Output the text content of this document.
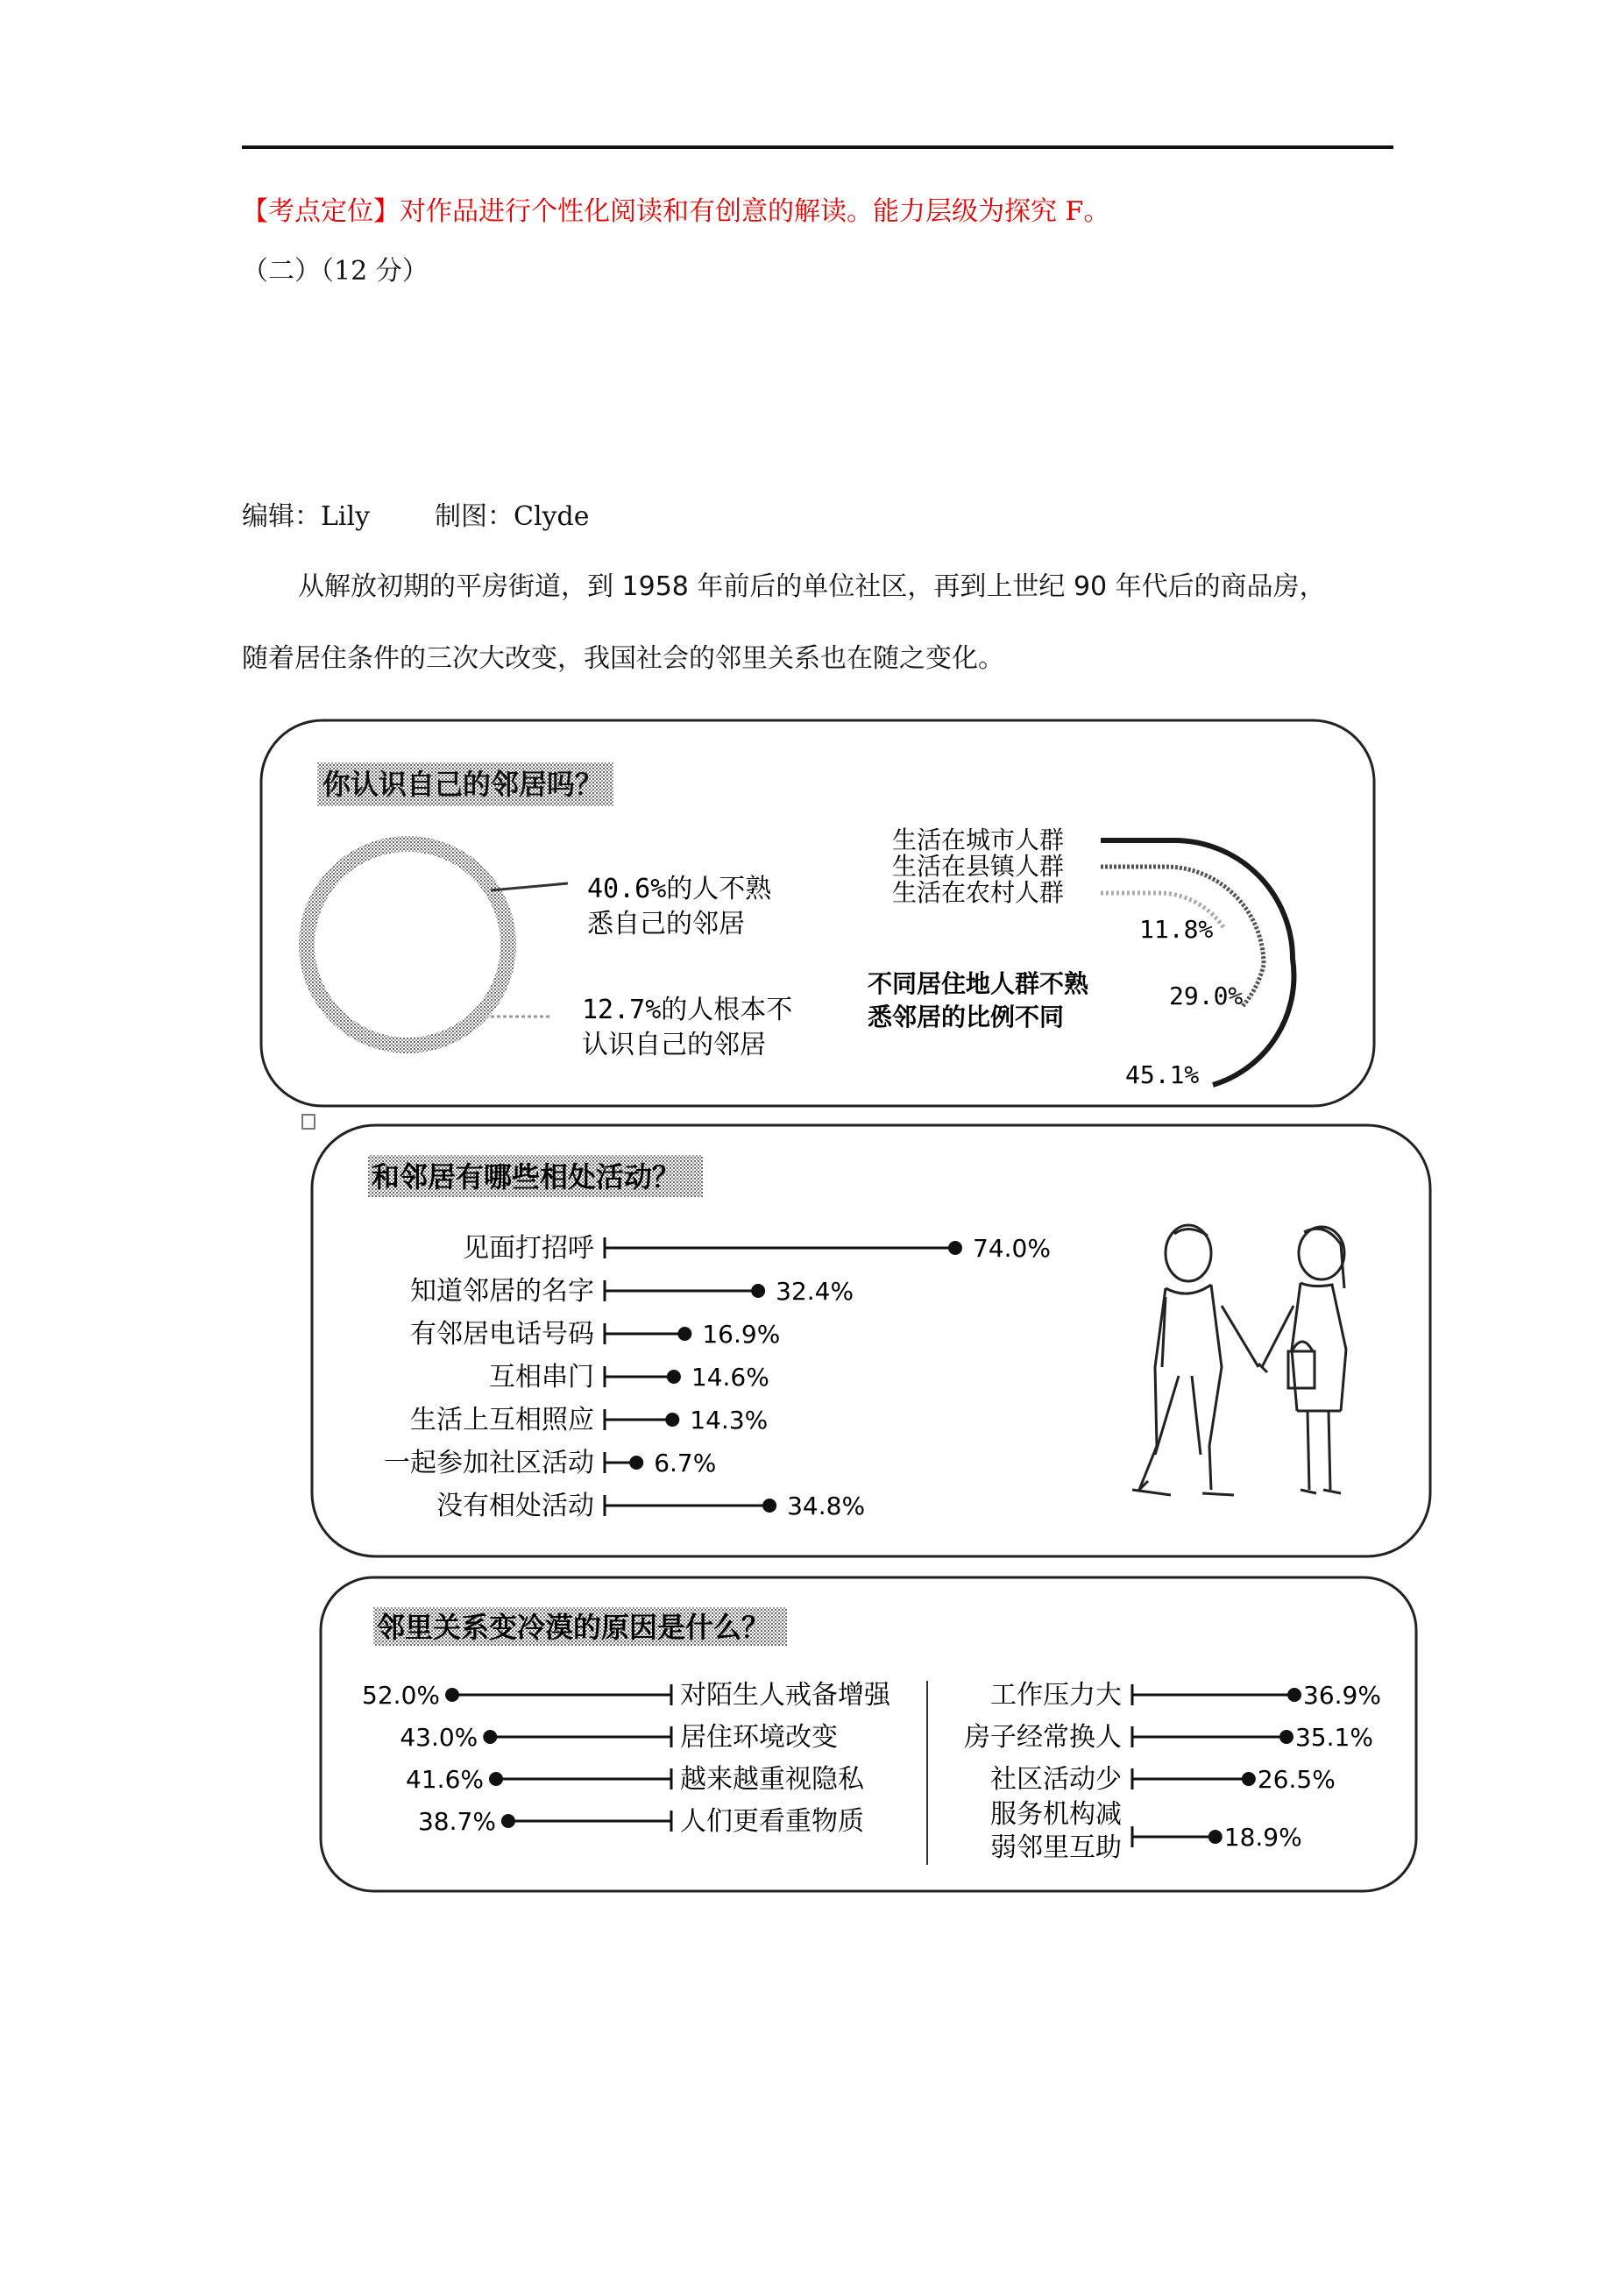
【考点定位】对作品进行个性化阅读和有创意的解读。能力层级为探究 F。
（二）（12 分）
编辑：Lily 制图：Clyde
从解放初期的平房街道，到 1958 年前后的单位社区，再到上世纪 90 年代后的商品房，
随着居住条件的三次大改变，我国社会的邻里关系也在随之变化。
你认识自己的邻居吗？
40.6%的人不熟
悉自己的邻居
12.7%的人根本不
认识自己的邻居
生活在城市人群
生活在县镇人群
生活在农村人群
11.8%
29.0%
45.1%
不同居住地人群不熟
悉邻居的比例不同
和邻居有哪些相处活动？
见面打招呼	74.0%
知道邻居的名字	32.4%
有邻居电话号码	16.9%
互相串门	14.6%
生活上互相照应	14.3%
一起参加社区活动 6.7%
没有相处活动	34.8%
邻里关系变冷漠的原因是什么？
52.0%	对陌生人戒备增强
43.0%	居住环境改变
41.6%	越来越重视隐私
38.7%	人们更看重物质
工作压力大	36.9%
房子经常换人	35.1%
社区活动少	26.5%
服务机构减
弱邻里互助	18.9%
